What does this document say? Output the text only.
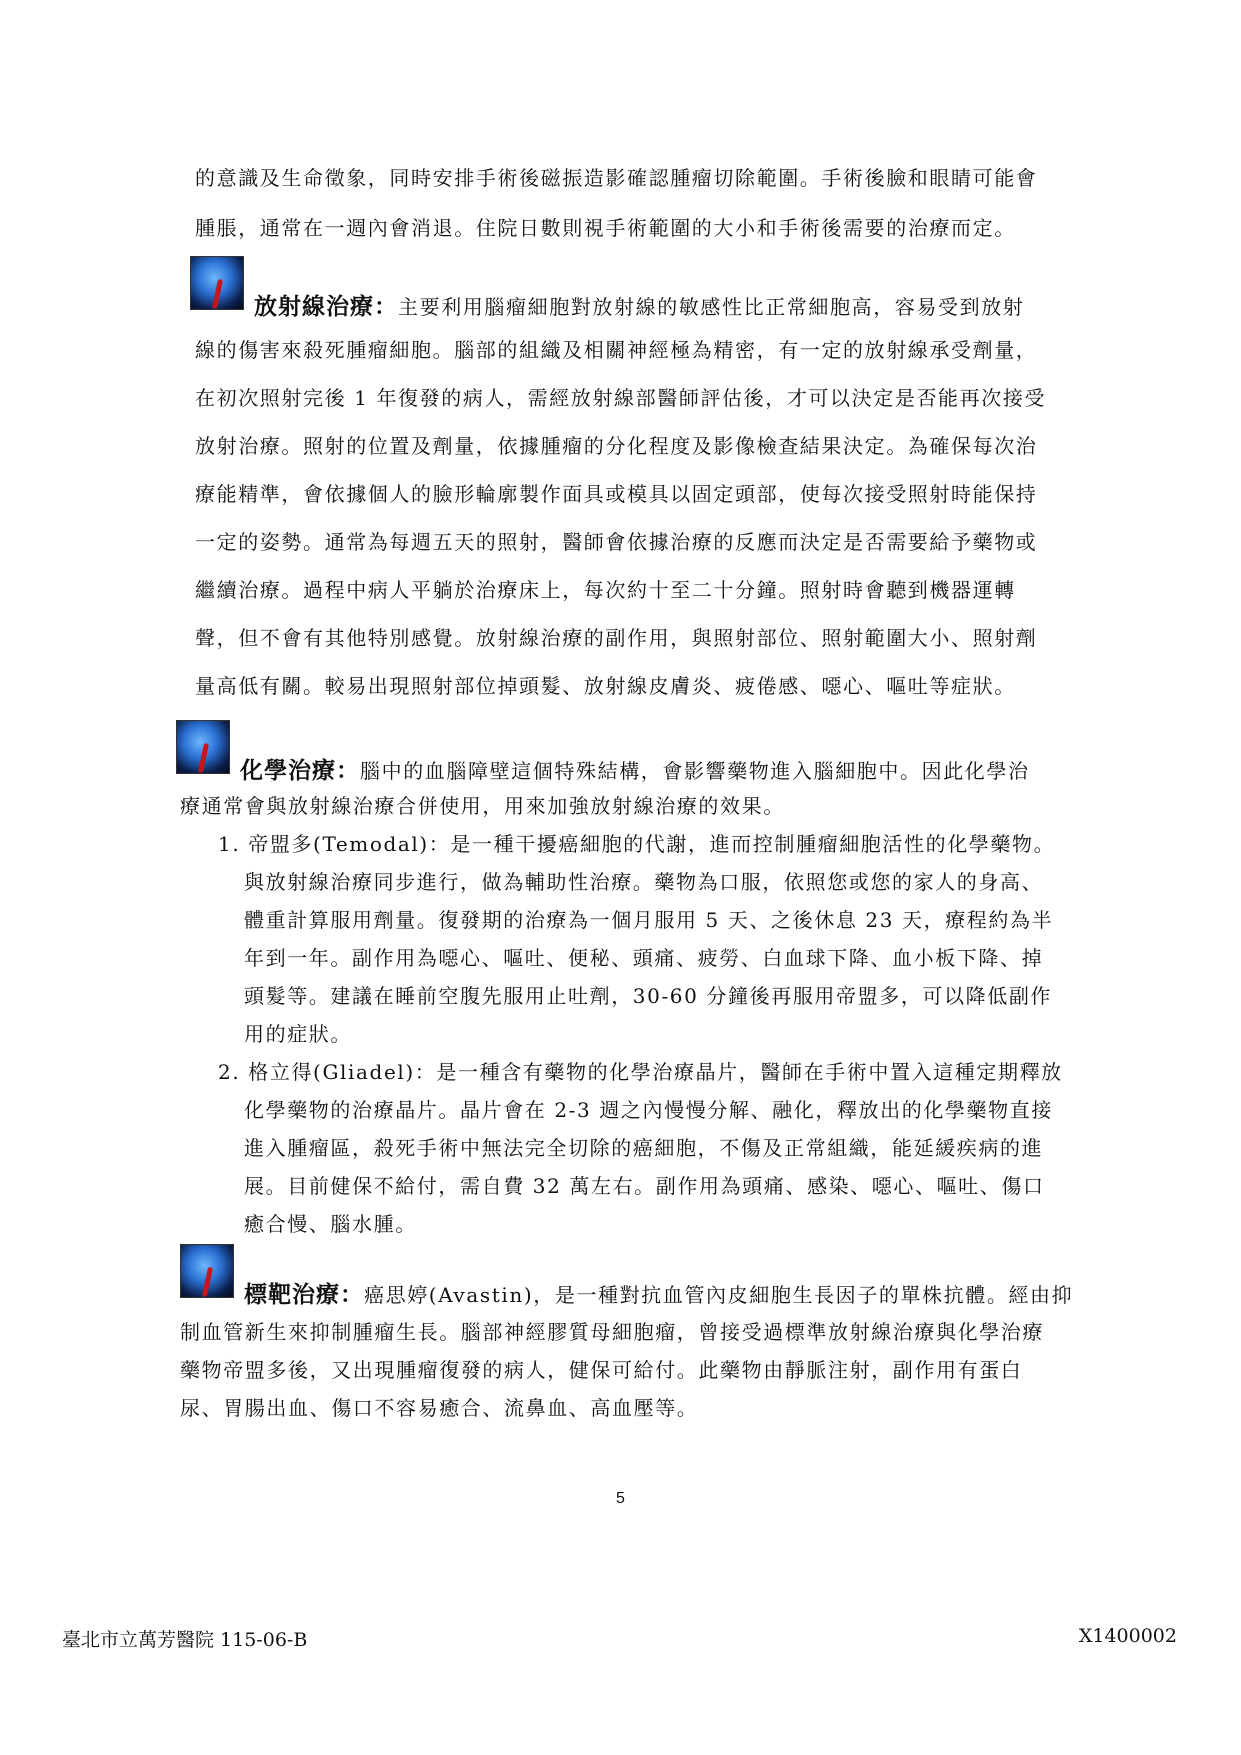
的意識及生命徵象，同時安排手術後磁振造影確認腫瘤切除範圍。手術後臉和眼睛可能會
腫脹，通常在一週內會消退。住院日數則視手術範圍的大小和手術後需要的治療而定。
放射線治療：主要利用腦瘤細胞對放射線的敏感性比正常細胞高，容易受到放射
線的傷害來殺死腫瘤細胞。腦部的組織及相關神經極為精密，有一定的放射線承受劑量，
在初次照射完後 1 年復發的病人，需經放射線部醫師評估後，才可以決定是否能再次接受
放射治療。照射的位置及劑量，依據腫瘤的分化程度及影像檢查結果決定。為確保每次治
療能精準，會依據個人的臉形輪廓製作面具或模具以固定頭部，使每次接受照射時能保持
一定的姿勢。通常為每週五天的照射，醫師會依據治療的反應而決定是否需要給予藥物或
繼續治療。過程中病人平躺於治療床上，每次約十至二十分鐘。照射時會聽到機器運轉
聲，但不會有其他特別感覺。放射線治療的副作用，與照射部位、照射範圍大小、照射劑
量高低有關。較易出現照射部位掉頭髮、放射線皮膚炎、疲倦感、噁心、嘔吐等症狀。
化學治療：腦中的血腦障壁這個特殊結構，會影響藥物進入腦細胞中。因此化學治
療通常會與放射線治療合併使用，用來加強放射線治療的效果。
1. 帝盟多(Temodal)：是一種干擾癌細胞的代謝，進而控制腫瘤細胞活性的化學藥物。
與放射線治療同步進行，做為輔助性治療。藥物為口服，依照您或您的家人的身高、
體重計算服用劑量。復發期的治療為一個月服用 5 天、之後休息 23 天，療程約為半
年到一年。副作用為噁心、嘔吐、便秘、頭痛、疲勞、白血球下降、血小板下降、掉
頭髮等。建議在睡前空腹先服用止吐劑，30-60 分鐘後再服用帝盟多，可以降低副作
用的症狀。
2. 格立得(Gliadel)：是一種含有藥物的化學治療晶片，醫師在手術中置入這種定期釋放
化學藥物的治療晶片。晶片會在 2-3 週之內慢慢分解、融化，釋放出的化學藥物直接
進入腫瘤區，殺死手術中無法完全切除的癌細胞，不傷及正常組織，能延緩疾病的進
展。目前健保不給付，需自費 32 萬左右。副作用為頭痛、感染、噁心、嘔吐、傷口
癒合慢、腦水腫。
標靶治療：癌思婷(Avastin)，是一種對抗血管內皮細胞生長因子的單株抗體。經由抑
制血管新生來抑制腫瘤生長。腦部神經膠質母細胞瘤，曾接受過標準放射線治療與化學治療
藥物帝盟多後，又出現腫瘤復發的病人，健保可給付。此藥物由靜脈注射，副作用有蛋白
尿、胃腸出血、傷口不容易癒合、流鼻血、高血壓等。
5
臺北市立萬芳醫院 115-06-B	X1400002
